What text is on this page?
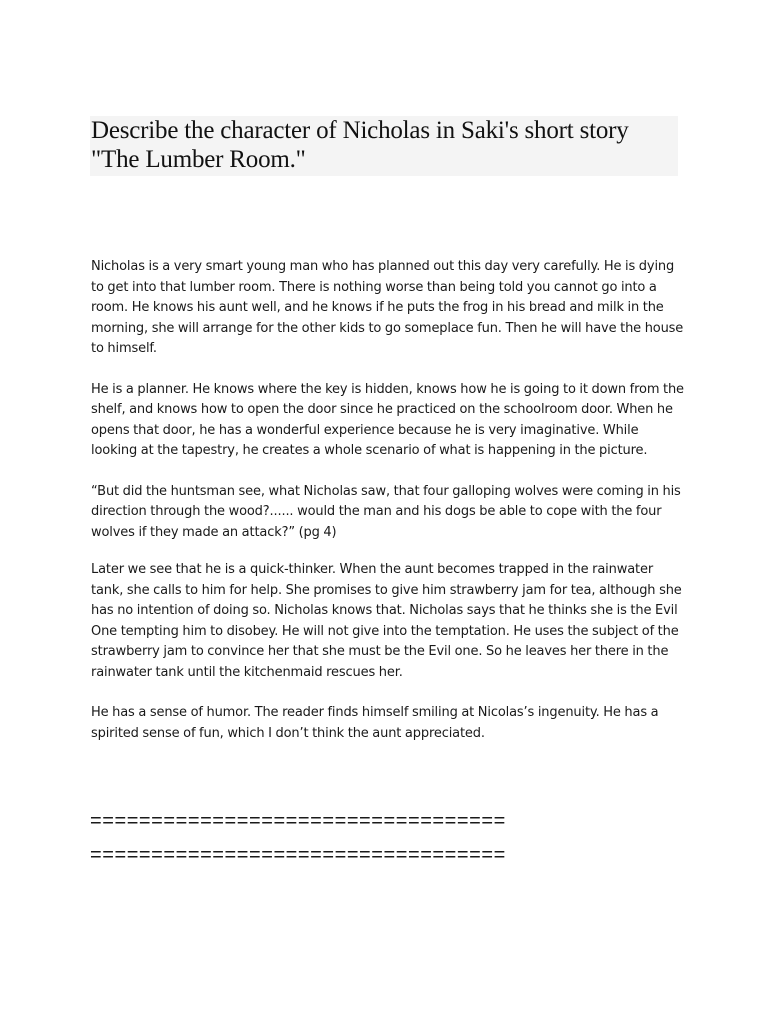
Describe the character of Nicholas in Saki's short story "The Lumber Room."

Nicholas is a very smart young man who has planned out this day very carefully. He is dying to get into that lumber room. There is nothing worse than being told you cannot go into a room. He knows his aunt well, and he knows if he puts the frog in his bread and milk in the morning, she will arrange for the other kids to go someplace fun. Then he will have the house to himself.

He is a planner. He knows where the key is hidden, knows how he is going to it down from the shelf, and knows how to open the door since he practiced on the schoolroom door. When he opens that door, he has a wonderful experience because he is very imaginative. While looking at the tapestry, he creates a whole scenario of what is happening in the picture.

“But did the huntsman see, what Nicholas saw, that four galloping wolves were coming in his direction through the wood?...... would the man and his dogs be able to cope with the four wolves if they made an attack?” (pg 4)

Later we see that he is a quick-thinker. When the aunt becomes trapped in the rainwater tank, she calls to him for help. She promises to give him strawberry jam for tea, although she has no intention of doing so. Nicholas knows that. Nicholas says that he thinks she is the Evil One tempting him to disobey. He will not give into the temptation. He uses the subject of the strawberry jam to convince her that she must be the Evil one. So he leaves her there in the rainwater tank until the kitchenmaid rescues her.

He has a sense of humor. The reader finds himself smiling at Nicolas’s ingenuity. He has a spirited sense of fun, which I don’t think the aunt appreciated.

==================================
==================================
